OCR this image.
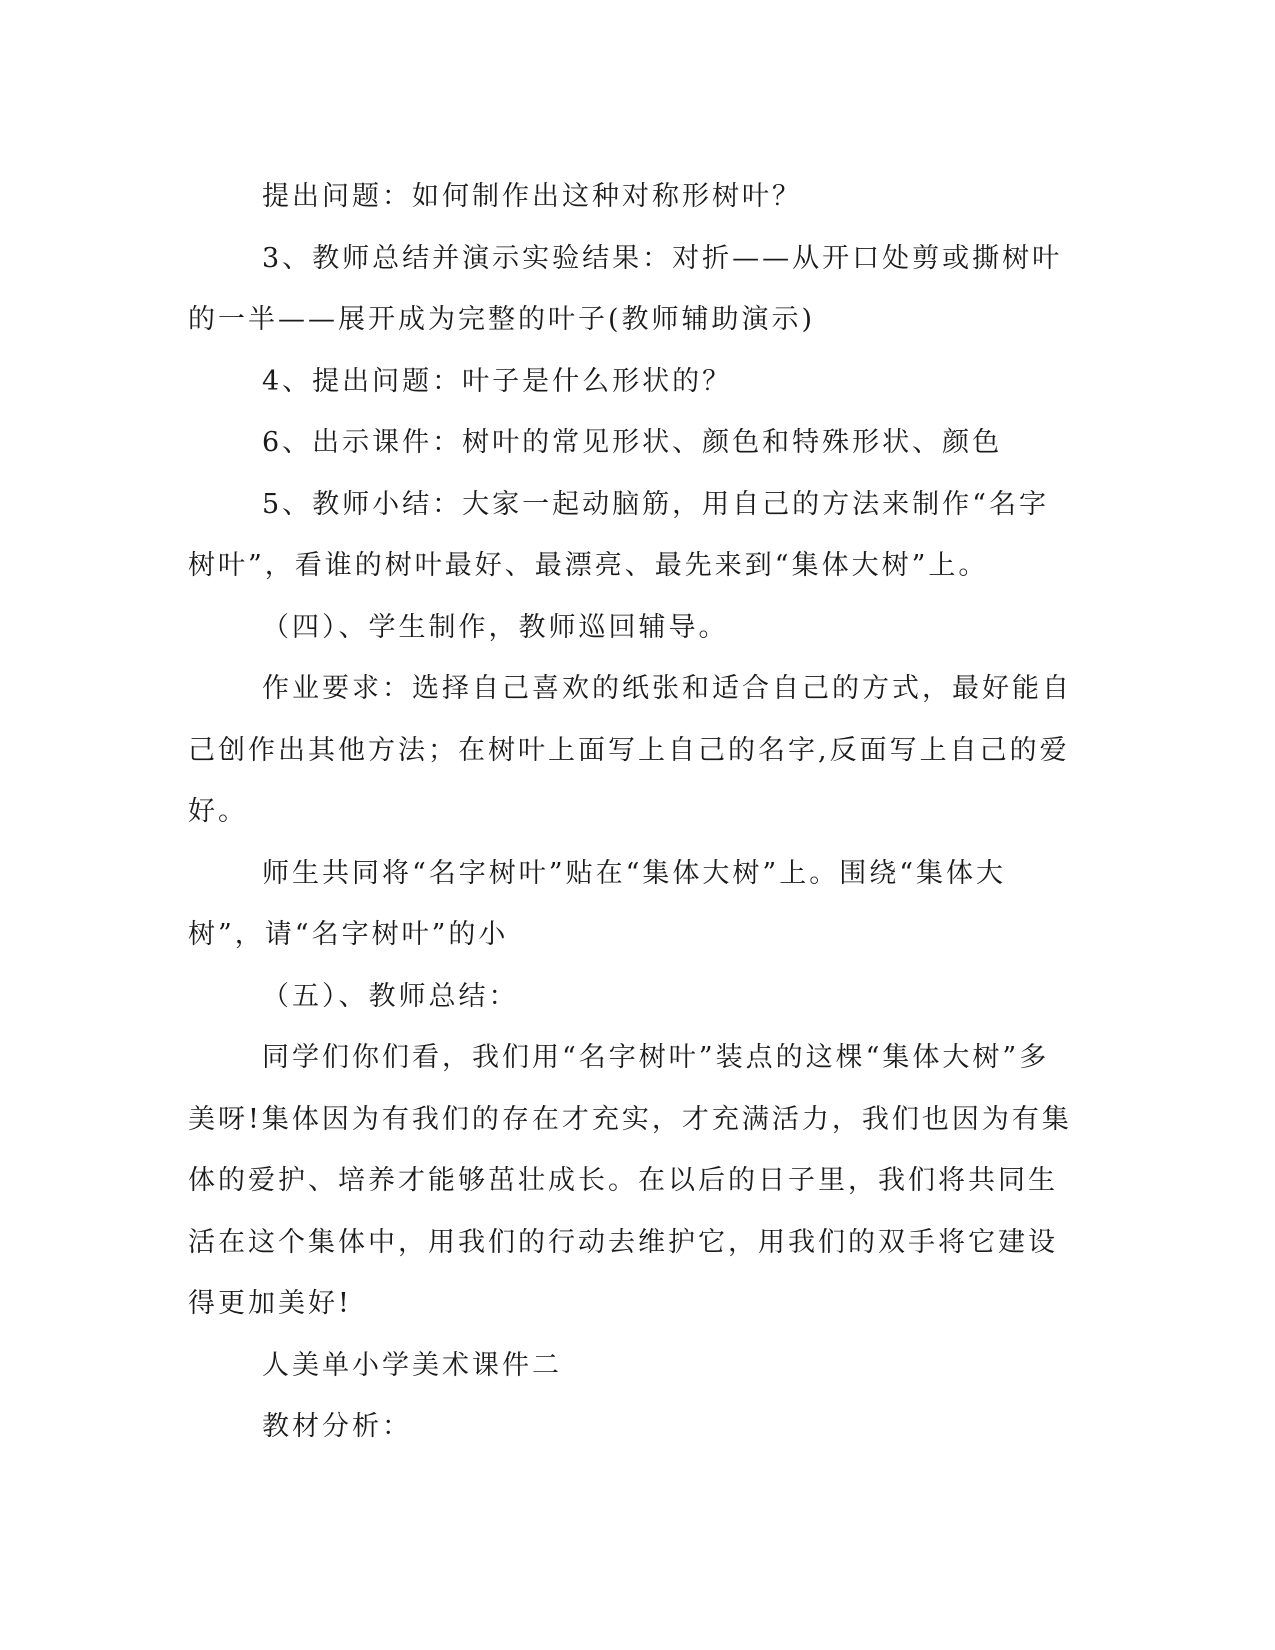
提出问题：如何制作出这种对称形树叶？

3、教师总结并演示实验结果：对折——从开口处剪或撕树叶的一半——展开成为完整的叶子(教师辅助演示)

4、提出问题：叶子是什么形状的？

6、出示课件：树叶的常见形状、颜色和特殊形状、颜色

5、教师小结：大家一起动脑筋，用自己的方法来制作“名字树叶”，看谁的树叶最好、最漂亮、最先来到“集体大树”上。

（四）、学生制作，教师巡回辅导。

作业要求：选择自己喜欢的纸张和适合自己的方式，最好能自己创作出其他方法；在树叶上面写上自己的名字,反面写上自己的爱好。

师生共同将“名字树叶”贴在“集体大树”上。围绕“集体大树”，请“名字树叶”的小

（五）、教师总结：

同学们你们看，我们用“名字树叶”装点的这棵“集体大树”多美呀!集体因为有我们的存在才充实，才充满活力，我们也因为有集体的爱护、培养才能够茁壮成长。在以后的日子里，我们将共同生活在这个集体中，用我们的行动去维护它，用我们的双手将它建设得更加美好!

人美单小学美术课件二

教材分析：
